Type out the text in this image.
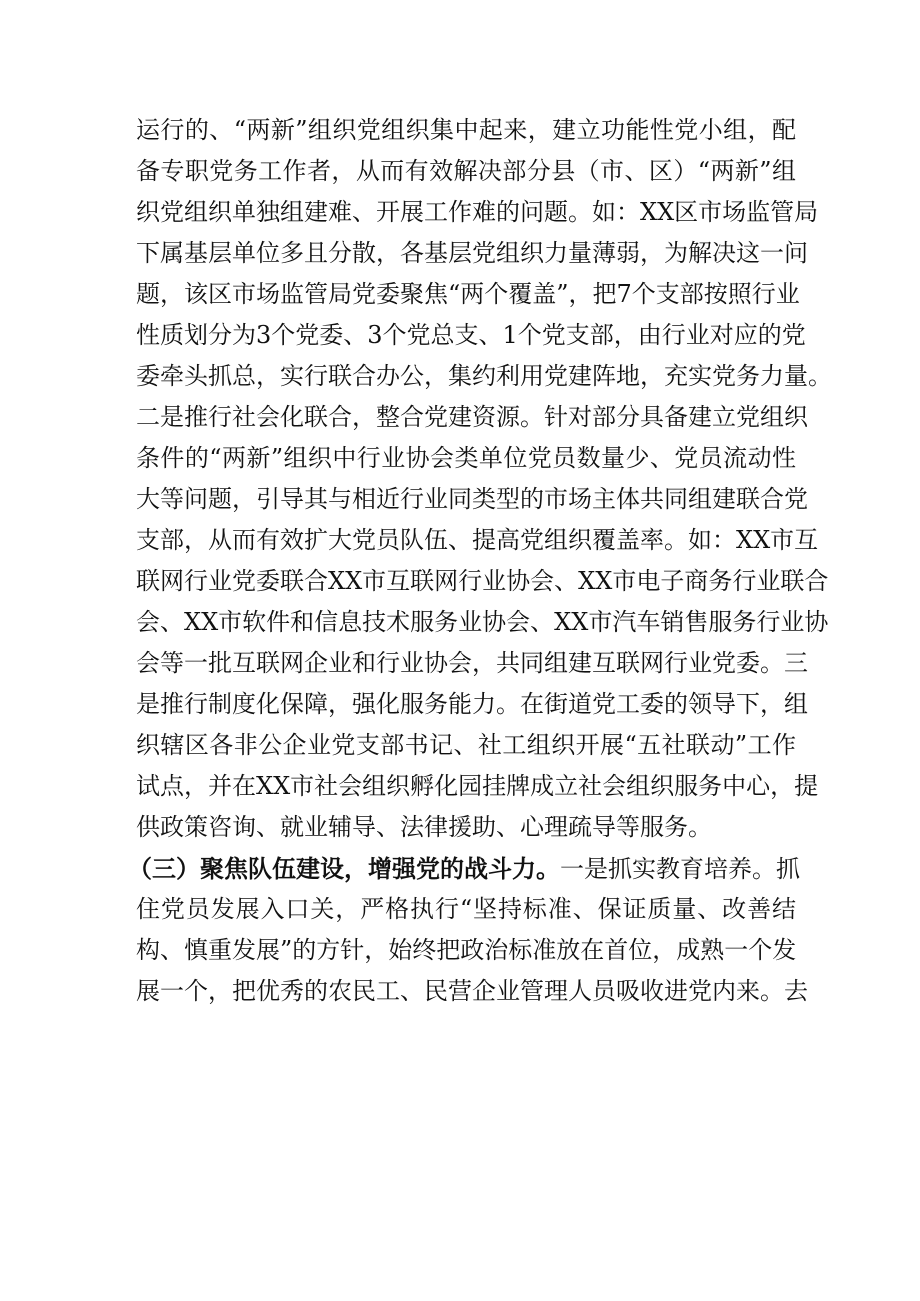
运行的、“两新”组织党组织集中起来，建立功能性党小组，配
备专职党务工作者，从而有效解决部分县（市、区）“两新”组
织党组织单独组建难、开展工作难的问题。如：XX区市场监管局
下属基层单位多且分散，各基层党组织力量薄弱，为解决这一问
题，该区市场监管局党委聚焦“两个覆盖”，把7个支部按照行业
性质划分为3个党委、3个党总支、1个党支部，由行业对应的党
委牵头抓总，实行联合办公，集约利用党建阵地，充实党务力量。
二是推行社会化联合，整合党建资源。针对部分具备建立党组织
条件的“两新”组织中行业协会类单位党员数量少、党员流动性
大等问题，引导其与相近行业同类型的市场主体共同组建联合党
支部，从而有效扩大党员队伍、提高党组织覆盖率。如：XX市互
联网行业党委联合XX市互联网行业协会、XX市电子商务行业联合
会、XX市软件和信息技术服务业协会、XX市汽车销售服务行业协
会等一批互联网企业和行业协会，共同组建互联网行业党委。三
是推行制度化保障，强化服务能力。在街道党工委的领导下，组
织辖区各非公企业党支部书记、社工组织开展“五社联动”工作
试点，并在XX市社会组织孵化园挂牌成立社会组织服务中心，提
供政策咨询、就业辅导、法律援助、心理疏导等服务。
（三）聚焦队伍建设，增强党的战斗力。一是抓实教育培养。抓
住党员发展入口关，严格执行“坚持标准、保证质量、改善结
构、慎重发展”的方针，始终把政治标准放在首位，成熟一个发
展一个，把优秀的农民工、民营企业管理人员吸收进党内来。去
